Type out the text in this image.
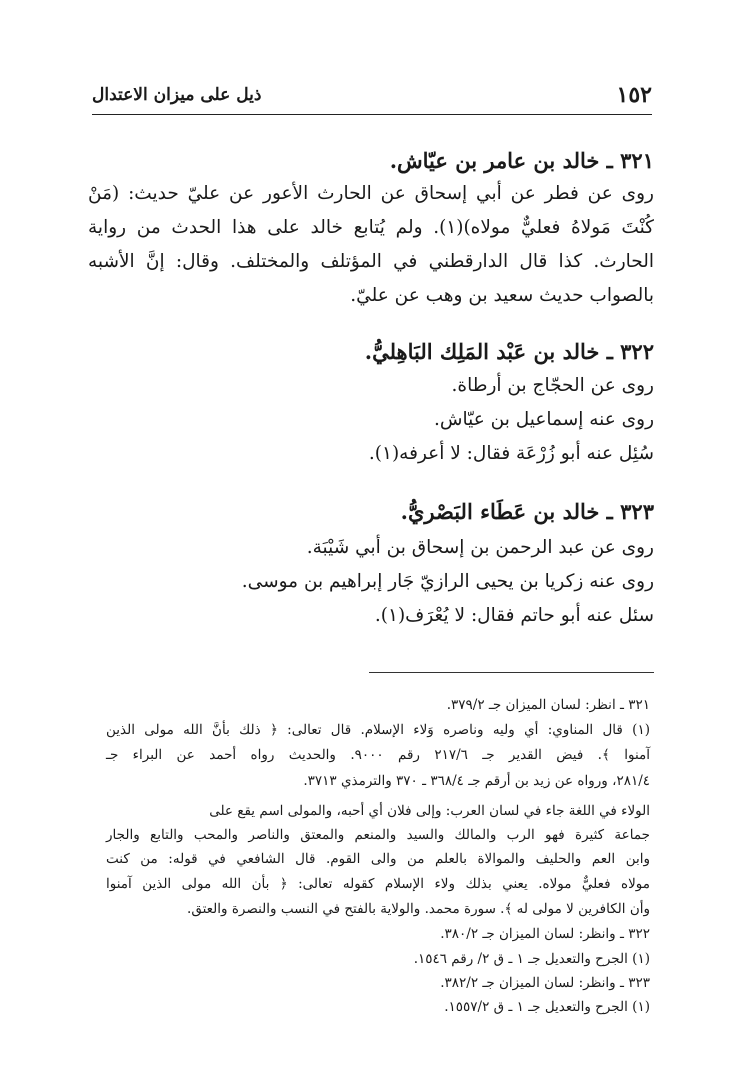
١٥٢
ذيل على ميزان الاعتدال
٣٢١ ـ خالد بن عامر بن عيّاش.
روى عن فطر عن أبي إسحاق عن الحارث الأعور عن عليّ حديث: (مَنْ
كُنْتَ مَولاهُ فعليٌّ مولاه)(١). ولم يُتابع خالد على هذا الحدث من رواية
الحارث. كذا قال الدارقطني في المؤتلف والمختلف. وقال: إنَّ الأشبه
بالصواب حديث سعيد بن وهب عن عليّ.
٣٢٢ ـ خالد بن عَبْد المَلِك البَاهِليُّ.
روى عن الحجّاج بن أرطاة.
روى عنه إسماعيل بن عيّاش.
سُئِل عنه أبو زُرْعَة فقال: لا أعرفه(١).
٣٢٣ ـ خالد بن عَطَاء البَصْريُّ.
روى عن عبد الرحمن بن إسحاق بن أبي شَيْبَة.
روى عنه زكريا بن يحيى الرازيّ جَار إبراهيم بن موسى.
سئل عنه أبو حاتم فقال: لا يُعْرَف(١).
٣٢١ ـ انظر: لسان الميزان جـ ٣٧٩/٢.
(١) قال المناوي: أي وليه وناصره وَلاء الإسلام. قال تعالى: ﴿ ذلك بأنَّ الله مولى الذين
آمنوا ﴾. فيض القدير جـ ٢١٧/٦ رقم ٩٠٠٠. والحديث رواه أحمد عن البراء جـ
٢٨١/٤، ورواه عن زيد بن أرقم جـ ٣٦٨/٤ ـ ٣٧٠ والترمذي ٣٧١٣.
الولاء في اللغة جاء في لسان العرب: وإلى فلان أي أحبه، والمولى اسم يقع على
جماعة كثيرة فهو الرب والمالك والسيد والمنعم والمعتق والناصر والمحب والتابع والجار
وابن العم والحليف والموالاة بالعلم من والى القوم. قال الشافعي في قوله: من كنت
مولاه فعليٌّ مولاه. يعني بذلك ولاء الإسلام كقوله تعالى: ﴿ بأن الله مولى الذين آمنوا
وأن الكافرين لا مولى له ﴾. سورة محمد. والولاية بالفتح في النسب والنصرة والعتق.
٣٢٢ ـ وانظر: لسان الميزان جـ ٣٨٠/٢.
(١) الجرح والتعديل جـ ١ ـ ق ٢/ رقم ١٥٤٦.
٣٢٣ ـ وانظر: لسان الميزان جـ ٣٨٢/٢.
(١) الجرح والتعديل جـ ١ ـ ق ١٥٥٧/٢.
